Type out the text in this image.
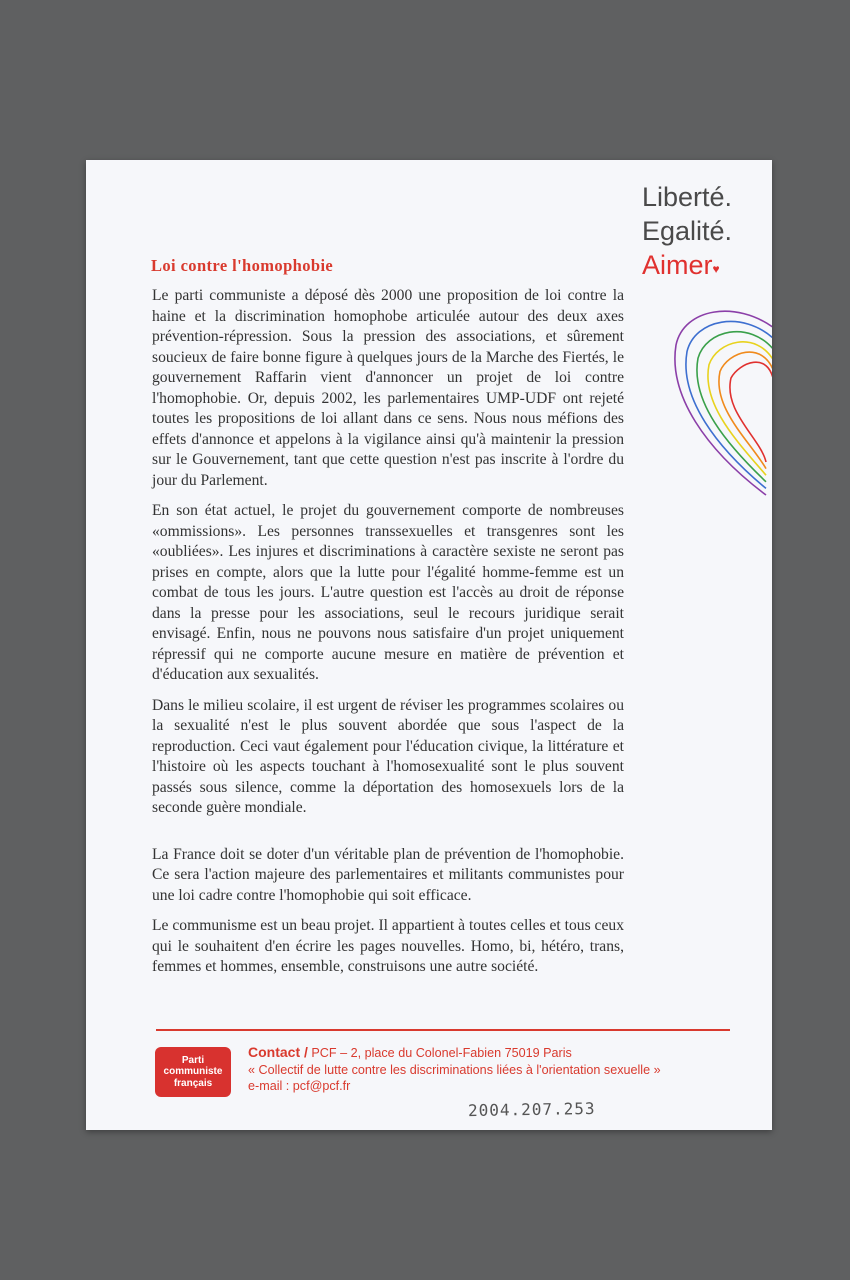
Liberté.
Egalité.
Aimer♥
Loi contre l'homophobie

Le parti communiste a déposé dès 2000 une proposition de loi contre la haine et la discrimination homophobe articulée autour des deux axes prévention-répression. Sous la pression des associations, et sûrement soucieux de faire bonne figure à quelques jours de la Marche des Fiertés, le gouvernement Raffarin vient d'annoncer un projet de loi contre l'homophobie. Or, depuis 2002, les parlementaires UMP-UDF ont rejeté toutes les propositions de loi allant dans ce sens. Nous nous méfions des effets d'annonce et appelons à la vigilance ainsi qu'à maintenir la pression sur le Gouvernement, tant que cette question n'est pas inscrite à l'ordre du jour du Parlement.

En son état actuel, le projet du gouvernement comporte de nombreuses «ommissions». Les personnes transsexuelles et transgenres sont les «oubliées». Les injures et discriminations à caractère sexiste ne seront pas prises en compte, alors que la lutte pour l'égalité homme-femme est un combat de tous les jours. L'autre question est l'accès au droit de réponse dans la presse pour les associations, seul le recours juridique serait envisagé. Enfin, nous ne pouvons nous satisfaire d'un projet uniquement répressif qui ne comporte aucune mesure en matière de prévention et d'éducation aux sexualités.

Dans le milieu scolaire, il est urgent de réviser les programmes scolaires ou la sexualité n'est le plus souvent abordée que sous l'aspect de la reproduction. Ceci vaut également pour l'éducation civique, la littérature et l'histoire où les aspects touchant à l'homosexualité sont le plus souvent passés sous silence, comme la déportation des homosexuels lors de la seconde guère mondiale.

La France doit se doter d'un véritable plan de prévention de l'homophobie. Ce sera l'action majeure des parlementaires et militants communistes pour une loi cadre contre l'homophobie qui soit efficace.

Le communisme est un beau projet. Il appartient à toutes celles et tous ceux qui le souhaitent d'en écrire les pages nouvelles. Homo, bi, hétéro, trans, femmes et hommes, ensemble, construisons une autre société.

Parti
communiste
français
Contact / PCF – 2, place du Colonel-Fabien 75019 Paris
« Collectif de lutte contre les discriminations liées à l'orientation sexuelle »
e-mail : pcf@pcf.fr
2004.207.253
